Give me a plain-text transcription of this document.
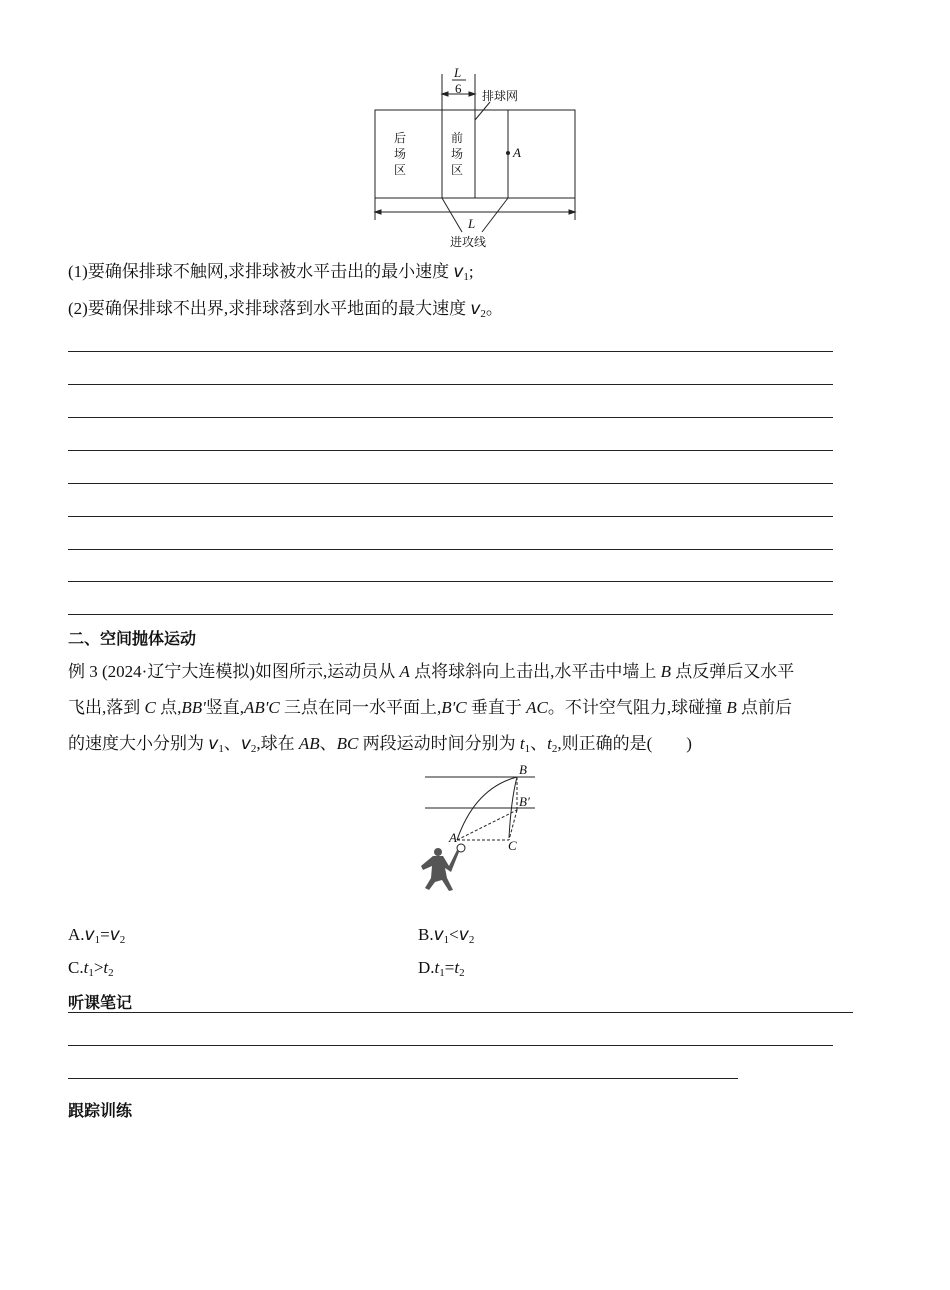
L
6 排球网
后
场
区
前
场
区
A
L
进攻线
(1)要确保排球不触网,求排球被水平击出的最小速度 $v_1$;
(2)要确保排球不出界,求排球落到水平地面的最大速度 $v_2$。
二、空间抛体运动
例 3 (2024·辽宁大连模拟)如图所示,运动员从 A 点将球斜向上击出,水平击中墙上 B 点反弹后又水平
飞出,落到 C 点,BB'竖直,AB'C 三点在同一水平面上,B'C 垂直于 AC。不计空气阻力,球碰撞 B 点前后
的速度大小分别为 $v_1$、$v_2$,球在 AB、BC 两段运动时间分别为 $t_1$、$t_2$,则正确的是( )
B
B′
A
C
$A.v_1=v_2$	$B.v_1<v_2$
$C.t_1>t_2$	$D.t_1=t_2$
听课笔记
跟踪训练
